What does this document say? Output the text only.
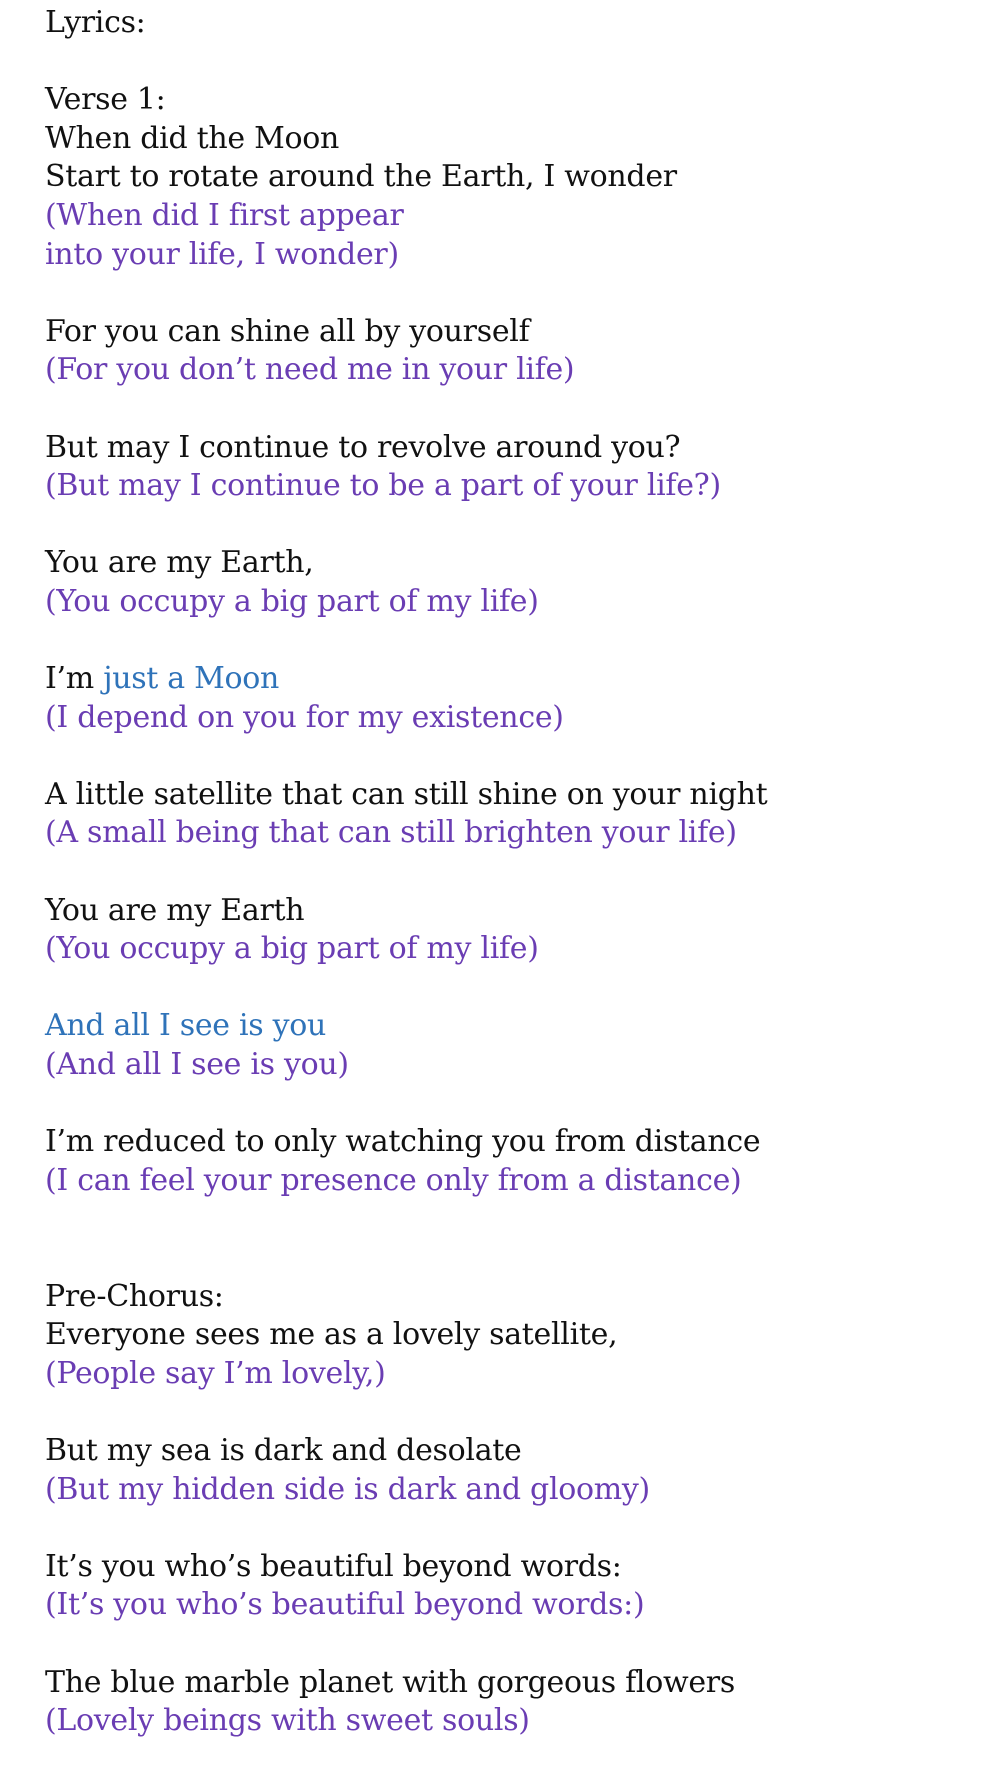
Lyrics:
Verse 1:
When did the Moon
Start to rotate around the Earth, I wonder
(When did I first appear
into your life, I wonder)
For you can shine all by yourself
(For you don’t need me in your life)
But may I continue to revolve around you?
(But may I continue to be a part of your life?)
You are my Earth,
(You occupy a big part of my life)
I’m just a Moon
(I depend on you for my existence)
A little satellite that can still shine on your night
(A small being that can still brighten your life)
You are my Earth
(You occupy a big part of my life)
And all I see is you
(And all I see is you)
I’m reduced to only watching you from distance
(I can feel your presence only from a distance)
Pre-Chorus:
Everyone sees me as a lovely satellite,
(People say I’m lovely,)
But my sea is dark and desolate
(But my hidden side is dark and gloomy)
It’s you who’s beautiful beyond words:
(It’s you who’s beautiful beyond words:)
The blue marble planet with gorgeous flowers
(Lovely beings with sweet souls)
